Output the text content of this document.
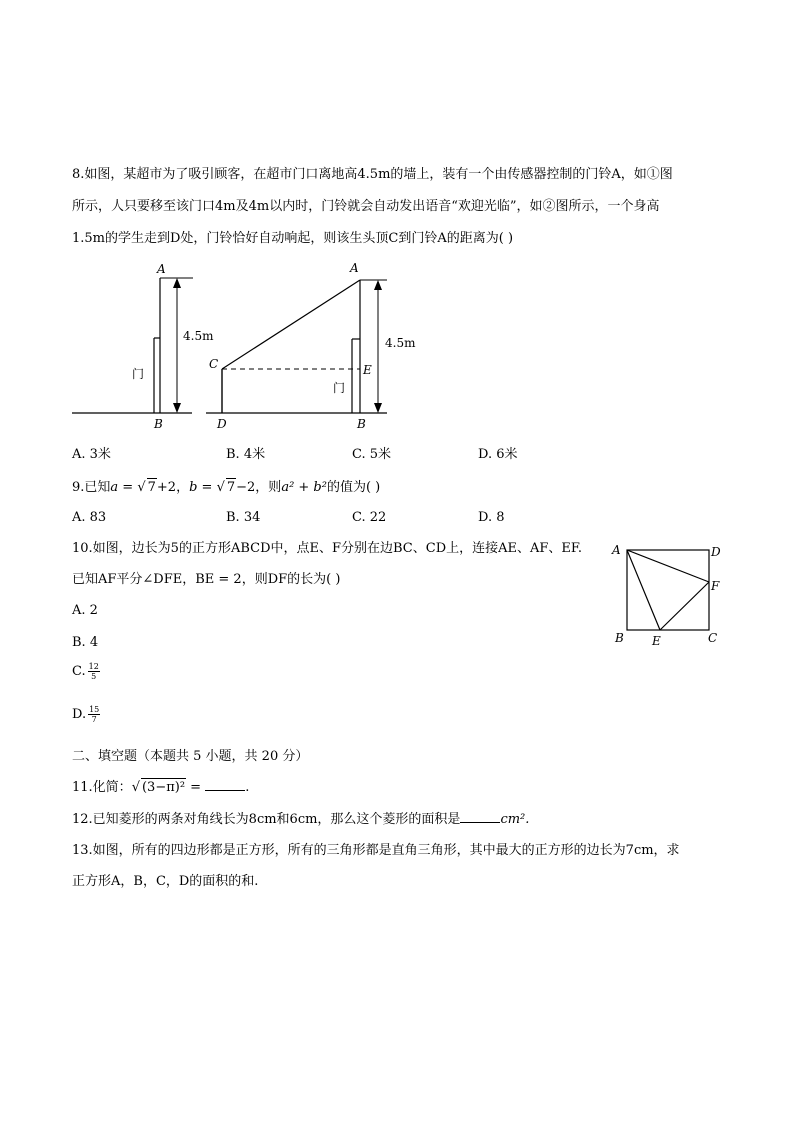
8.如图，某超市为了吸引顾客，在超市门口离地高4.5m的墙上，装有一个由传感器控制的门铃A，如①图
所示，人只要移至该门口4m及4m以内时，门铃就会自动发出语音“欢迎光临”，如②图所示，一个身高
1.5m的学生走到D处，门铃恰好自动响起，则该生头顶C到门铃A的距离为( )
A
B
4.5m
门
A
C
D
E
B
4.5m
门
A	D
F
B E	C
A. 3米	B. 4米	C. 5米	D. 6米
9.已知a = √ 7+2，b = √ 7−2，则a² + b²的值为( )
A. 83	B. 34	C. 22	D. 8
10.如图，边长为5的正方形ABCD中，点E、F分别在边BC、CD上，连接AE、AF、EF.
已知AF平分∠DFE，BE = 2，则DF的长为( )
A. 2
B. 4
C. $\frac{12}{5}$
D. $\frac{15}{7}$
二、填空题（本题共 5 小题，共 20 分）
11.化简：√ (3−π)² =	.
12.已知菱形的两条对角线长为8cm和6cm，那么这个菱形的面积是	cm².
13.如图，所有的四边形都是正方形，所有的三角形都是直角三角形，其中最大的正方形的边长为7cm，求
正方形A，B，C，D的面积的和.
